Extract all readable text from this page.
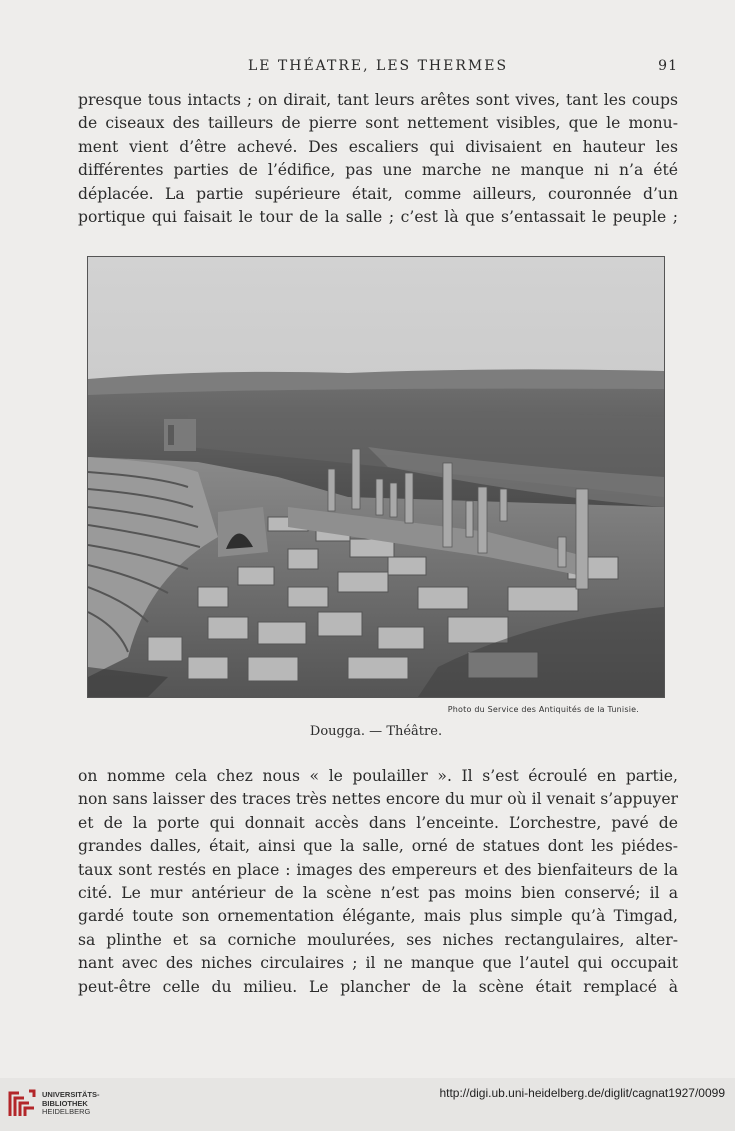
LE THÉATRE, LES THERMES	91
presque tous intacts ; on dirait, tant leurs arêtes sont vives, tant les coups
de ciseaux des tailleurs de pierre sont nettement visibles, que le monu-
ment vient d’être achevé. Des escaliers qui divisaient en hauteur les
différentes parties de l’édifice, pas une marche ne manque ni n’a été
déplacée. La partie supérieure était, comme ailleurs, couronnée d’un
portique qui faisait le tour de la salle ; c’est là que s’entassait le peuple ;
Photo du Service des Antiquités de la Tunisie.
Dougga. — Théâtre.
on nomme cela chez nous « le poulailler ». Il s’est écroulé en partie,
non sans laisser des traces très nettes encore du mur où il venait s’appuyer
et de la porte qui donnait accès dans l’enceinte. L’orchestre, pavé de
grandes dalles, était, ainsi que la salle, orné de statues dont les piédes-
taux sont restés en place : images des empereurs et des bienfaiteurs de la
cité. Le mur antérieur de la scène n’est pas moins bien conservé; il a
gardé toute son ornementation élégante, mais plus simple qu’à Timgad,
sa plinthe et sa corniche moulurées, ses niches rectangulaires, alter-
nant avec des niches circulaires ; il ne manque que l’autel qui occupait
peut-être celle du milieu. Le plancher de la scène était remplacé à
UNIVERSITÄTS-
BIBLIOTHEK
HEIDELBERG
http://digi.ub.uni-heidelberg.de/diglit/cagnat1927/0099
